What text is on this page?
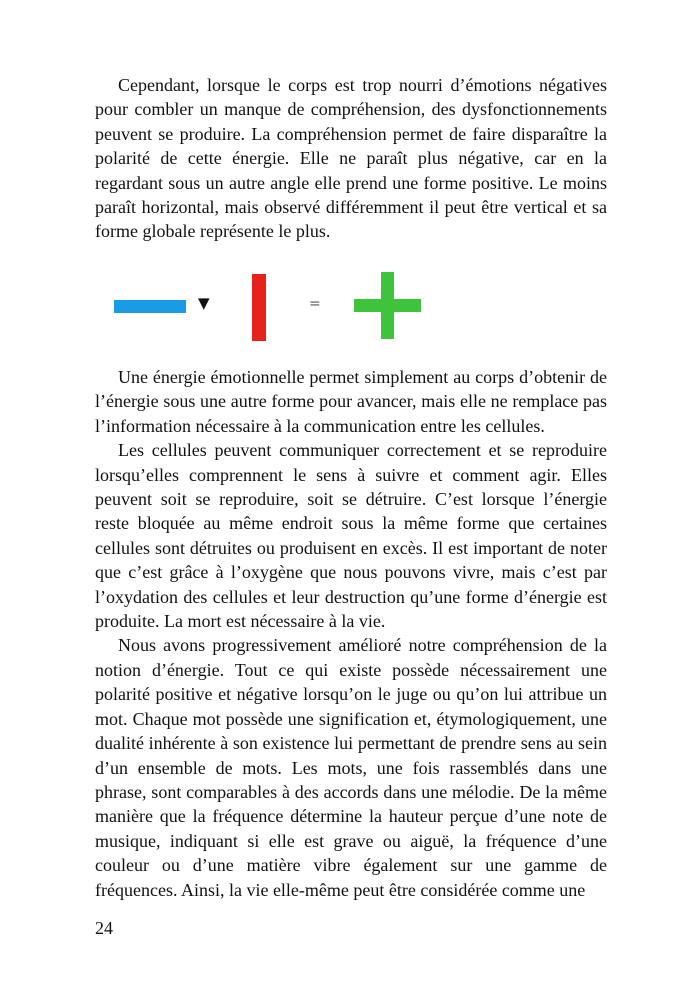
Cependant, lorsque le corps est trop nourri d’émotions négatives pour combler un manque de compréhension, des dysfonctionnements peuvent se produire. La compréhension permet de faire disparaître la polarité de cette énergie. Elle ne paraît plus négative, car en la regardant sous un autre angle elle prend une forme positive. Le moins paraît horizontal, mais observé différemment il peut être vertical et sa forme globale représente le plus.

▼	=

Une énergie émotionnelle permet simplement au corps d’obtenir de l’énergie sous une autre forme pour avancer, mais elle ne remplace pas l’information nécessaire à la communication entre les cellules.

Les cellules peuvent communiquer correctement et se reproduire lorsqu’elles comprennent le sens à suivre et comment agir. Elles peuvent soit se reproduire, soit se détruire. C’est lorsque l’énergie reste bloquée au même endroit sous la même forme que certaines cellules sont détruites ou produisent en excès. Il est important de noter que c’est grâce à l’oxygène que nous pouvons vivre, mais c’est par l’oxydation des cellules et leur destruction qu’une forme d’énergie est produite. La mort est nécessaire à la vie.

Nous avons progressivement amélioré notre compréhension de la notion d’énergie. Tout ce qui existe possède nécessairement une polarité positive et négative lorsqu’on le juge ou qu’on lui attribue un mot. Chaque mot possède une signification et, étymologiquement, une dualité inhérente à son existence lui permettant de prendre sens au sein d’un ensemble de mots. Les mots, une fois rassemblés dans une phrase, sont comparables à des accords dans une mélodie. De la même manière que la fréquence détermine la hauteur perçue d’une note de musique, indiquant si elle est grave ou aiguë, la fréquence d’une couleur ou d’une matière vibre également sur une gamme de fréquences. Ainsi, la vie elle-même peut être considérée comme une

24
